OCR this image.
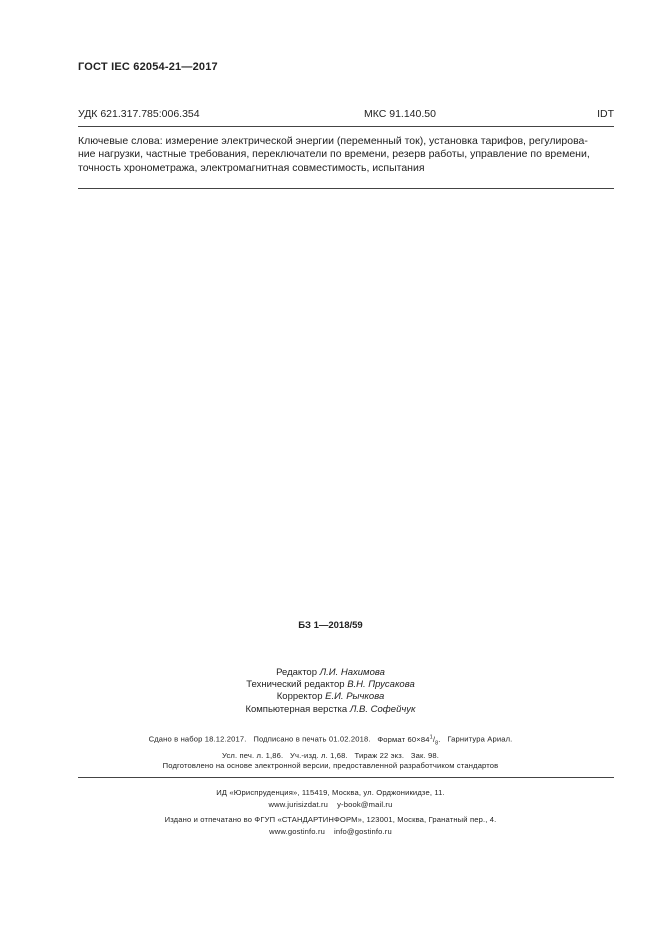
ГОСТ IEC 62054-21—2017
УДК 621.317.785:006.354	МКС 91.140.50	IDT
Ключевые слова: измерение электрической энергии (переменный ток), установка тарифов, регулирова-
ние нагрузки, частные требования, переключатели по времени, резерв работы, управление по времени,
точность хронометража, электромагнитная совместимость, испытания
БЗ 1—2018/59
Редактор Л.И. Нахимова
Технический редактор В.Н. Прусакова
Корректор Е.И. Рычкова
Компьютерная верстка Л.В. Софейчук
Сдано в набор 18.12.2017. Подписано в печать 01.02.2018. Формат $60\times 84^1/_8$. Гарнитура Ариал.
Усл. печ. л. 1,86. Уч.-изд. л. 1,68. Тираж 22 экз. Зак. 98.
Подготовлено на основе электронной версии, предоставленной разработчиком стандартов
ИД «Юриспруденция», 115419, Москва, ул. Орджоникидзе, 11.
www.jurisizdat.ru y-book@mail.ru
Издано и отпечатано во ФГУП «СТАНДАРТИНФОРМ», 123001, Москва, Гранатный пер., 4.
www.gostinfo.ru info@gostinfo.ru
